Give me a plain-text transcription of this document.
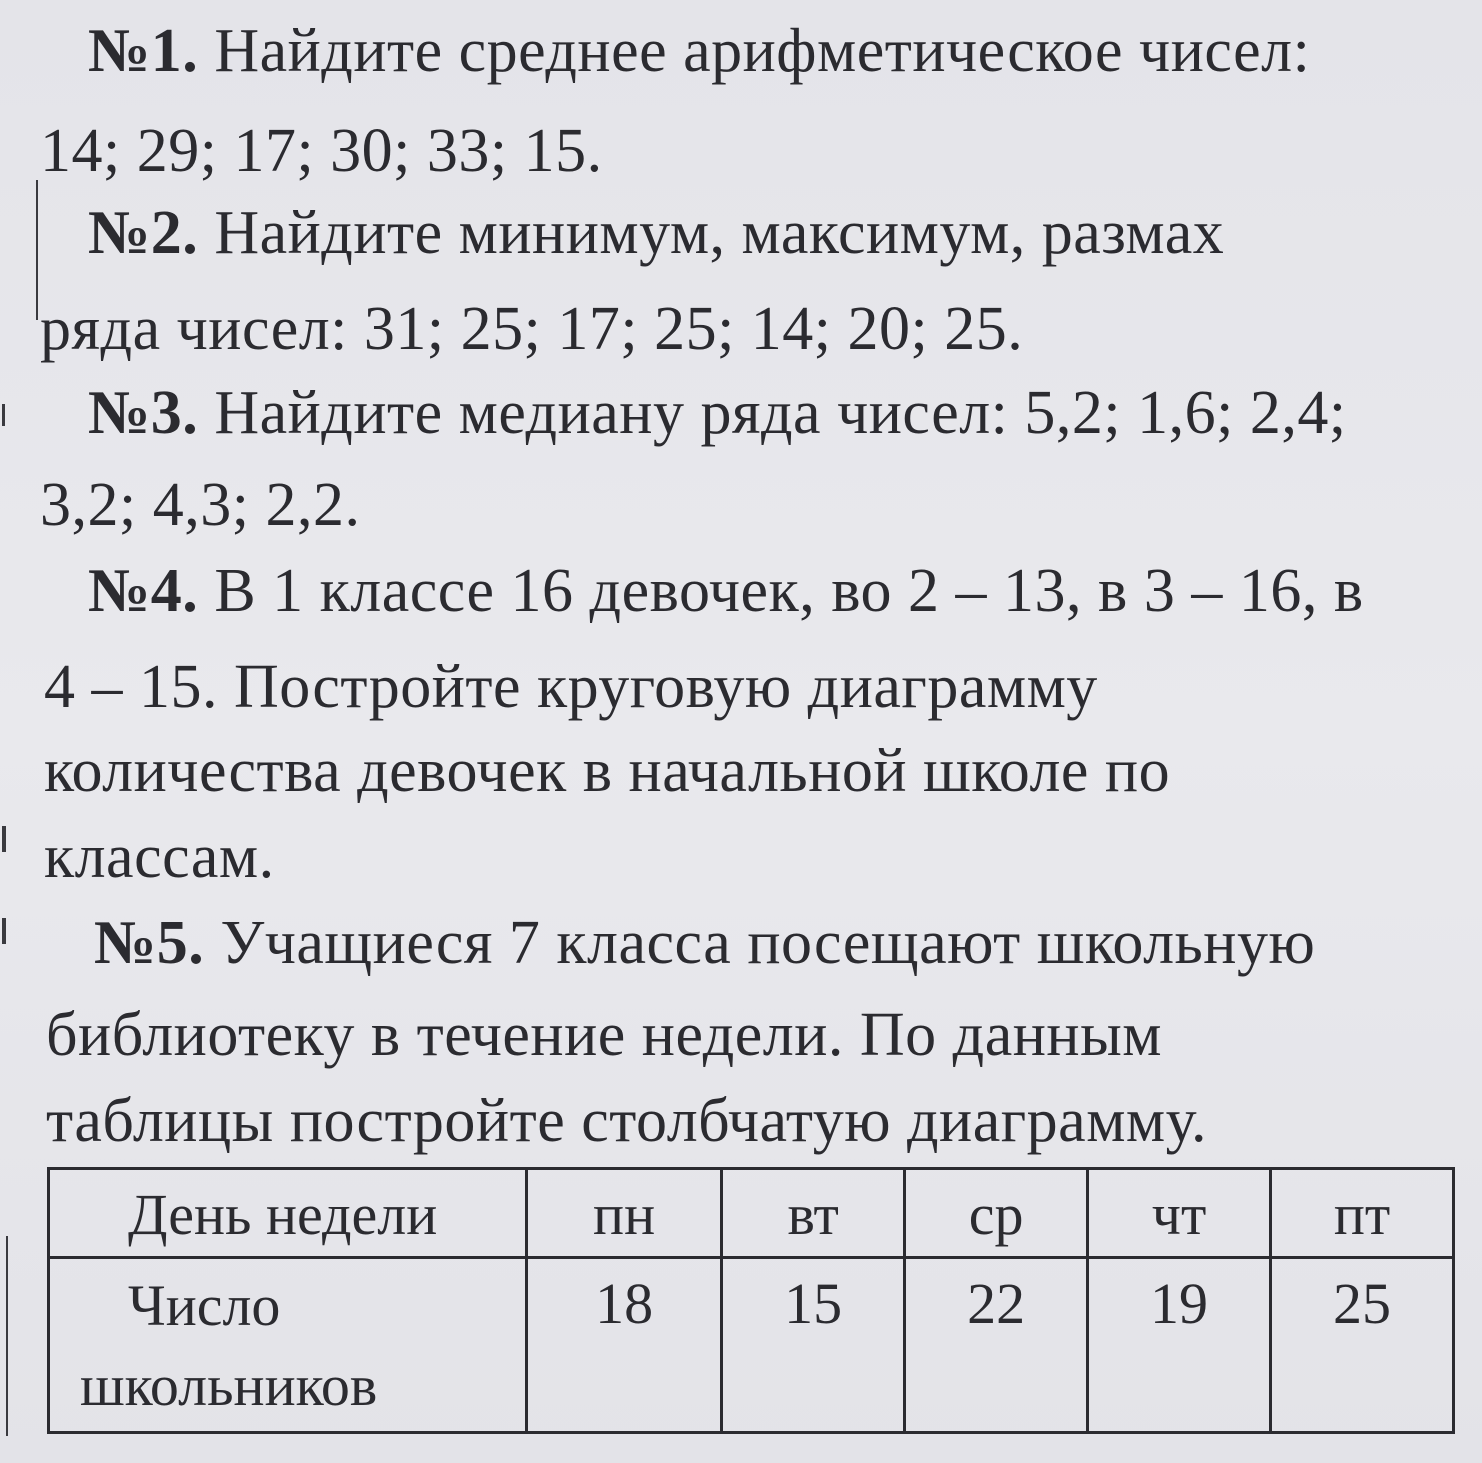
№1. Найдите среднее арифметическое чисел:
14; 29; 17; 30; 33; 15.
№2. Найдите минимум, максимум, размах
ряда чисел: 31; 25; 17; 25; 14; 20; 25.
№3. Найдите медиану ряда чисел: 5,2; 1,6; 2,4;
3,2; 4,3; 2,2.
№4. В 1 классе 16 девочек, во 2 – 13, в 3 – 16, в
4 – 15. Постройте круговую диаграмму
количества девочек в начальной школе по
классам.
№5. Учащиеся 7 класса посещают школьную
библиотеку в течение недели. По данным
таблицы постройте столбчатую диаграмму.
День недели	пн	вт	ср	чт	пт

Число
школьников	18	15	22	19	25
